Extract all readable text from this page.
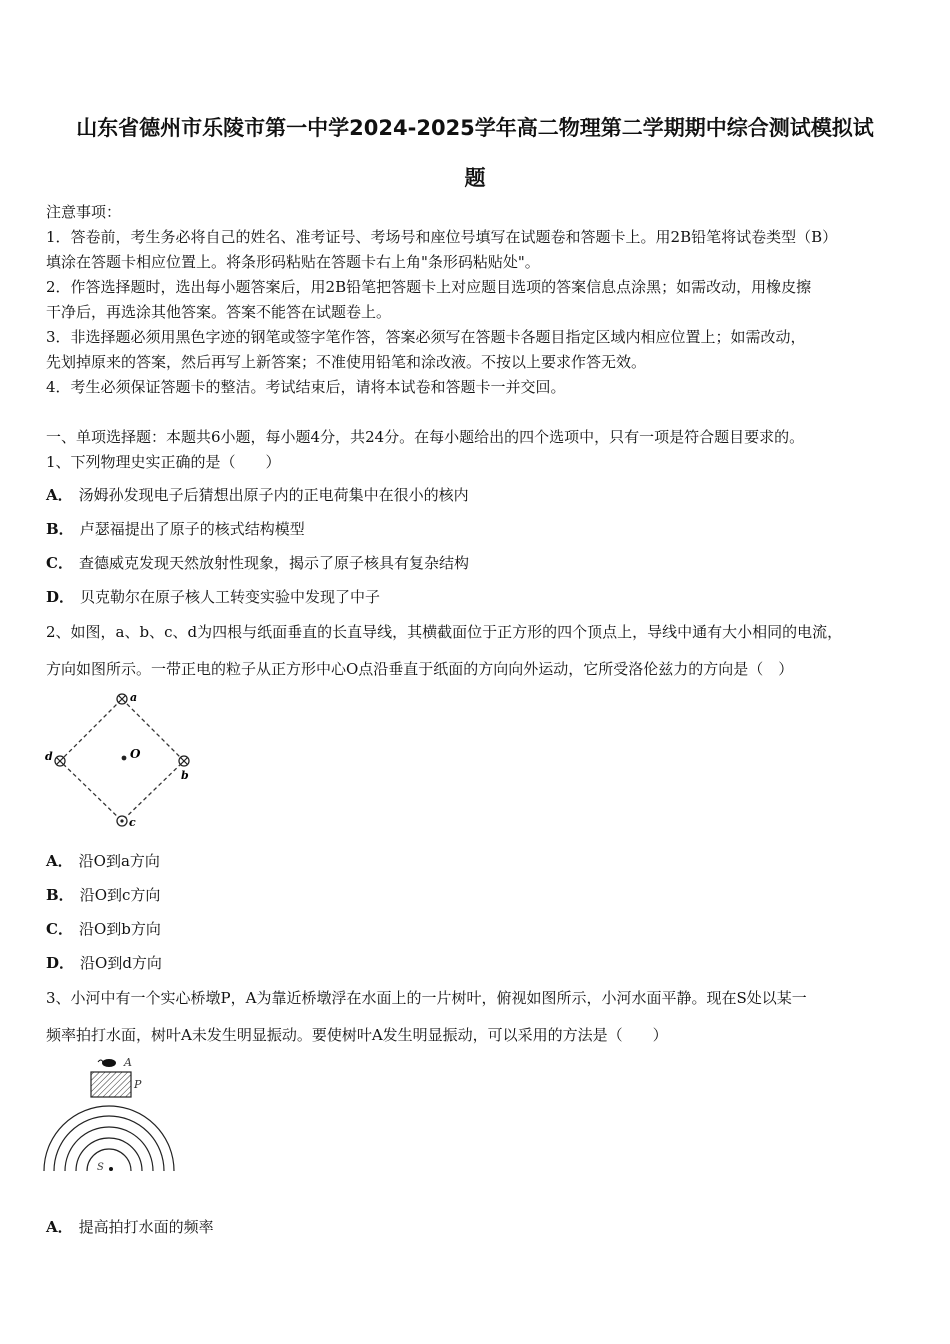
山东省德州市乐陵市第一中学2024-2025学年高二物理第二学期期中综合测试模拟试
题
注意事项：
1．答卷前，考生务必将自己的姓名、准考证号、考场号和座位号填写在试题卷和答题卡上。用2B铅笔将试卷类型（B）
填涂在答题卡相应位置上。将条形码粘贴在答题卡右上角"条形码粘贴处"。
2．作答选择题时，选出每小题答案后，用2B铅笔把答题卡上对应题目选项的答案信息点涂黑；如需改动，用橡皮擦
干净后，再选涂其他答案。答案不能答在试题卷上。
3．非选择题必须用黑色字迹的钢笔或签字笔作答，答案必须写在答题卡各题目指定区域内相应位置上；如需改动，
先划掉原来的答案，然后再写上新答案；不准使用铅笔和涂改液。不按以上要求作答无效。
4．考生必须保证答题卡的整洁。考试结束后，请将本试卷和答题卡一并交回。
一、单项选择题：本题共6小题，每小题4分，共24分。在每小题给出的四个选项中，只有一项是符合题目要求的。
1、下列物理史实正确的是（　　）
A． 汤姆孙发现电子后猜想出原子内的正电荷集中在很小的核内
B． 卢瑟福提出了原子的核式结构模型
C． 查德威克发现天然放射性现象，揭示了原子核具有复杂结构
D． 贝克勒尔在原子核人工转变实验中发现了中子
2、如图，a、b、c、d为四根与纸面垂直的长直导线，其横截面位于正方形的四个顶点上，导线中通有大小相同的电流，
方向如图所示。一带正电的粒子从正方形中心O点沿垂直于纸面的方向向外运动，它所受洛伦兹力的方向是（　）
O
a
b
c
d
A． 沿O到a方向
B． 沿O到c方向
C． 沿O到b方向
D． 沿O到d方向
3、小河中有一个实心桥墩P，A为靠近桥墩浮在水面上的一片树叶，俯视如图所示，小河水面平静。现在S处以某一
频率拍打水面，树叶A未发生明显振动。要使树叶A发生明显振动，可以采用的方法是（　　）
A
P
S
A． 提高拍打水面的频率
